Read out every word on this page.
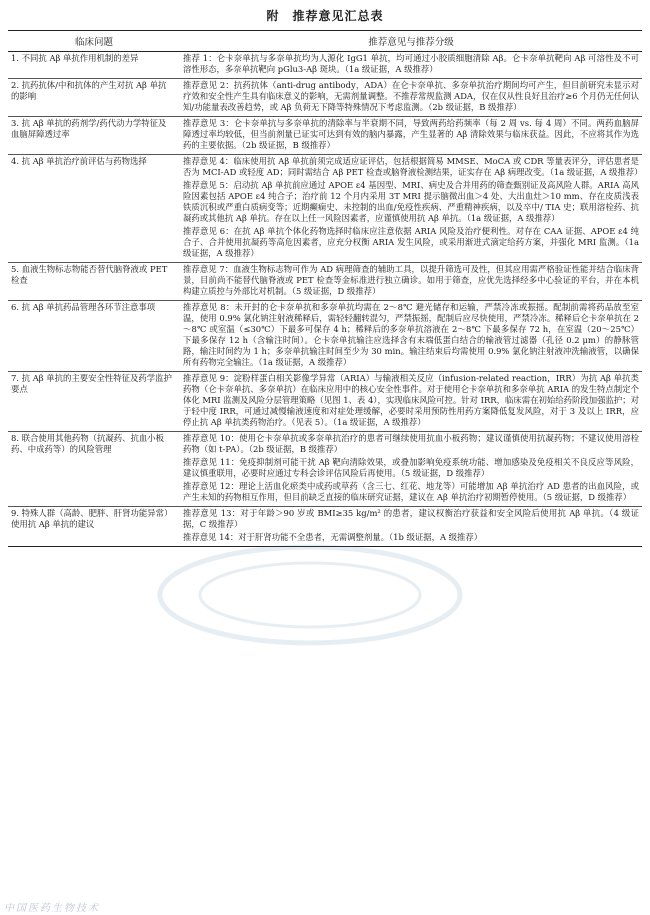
附　推荐意见汇总表
临床问题	推荐意见与推荐分级
1. 不同抗 Aβ 单抗作用机制的差异	推荐 1：仑卡奈单抗与多奈单抗均为人源化 IgG1 单抗，均可通过小胶质细胞清除 Aβ。仑卡奈单抗靶向 Aβ 可溶性及不可溶性形态，多奈单抗靶向 pGlu3-Aβ 斑块。（1a 级证据，A 级推荐）

2. 抗药抗体/中和抗体的产生对抗 Aβ 单抗的影响	推荐意见 2：抗药抗体（anti-drug antibody，ADA）在仑卡奈单抗、多奈单抗治疗期间均可产生，但目前研究未显示对疗效和安全性产生具有临床意义的影响，无需剂量调整。不推荐常规监测 ADA，仅在仅从性良好且治疗≥6 个月仍无任何认知/功能量表改善趋势，或 Aβ 负荷无下降等特殊情况下考虑监测。（2b 级证据，B 级推荐）

3. 抗 Aβ 单抗的药剂学/药代动力学特征及血脑屏障透过率	推荐意见 3：仑卡奈单抗与多奈单抗的清除率与半衰期不同，导致两药给药频率（每 2 周 vs. 每 4 周）不同。两药血脑屏障透过率均较低，但当前剂量已证实可达到有效的脑内暴露，产生显著的 Aβ 清除效果与临床获益。因此，不应将其作为选药的主要依据。（2b 级证据，B 级推荐）

4. 抗 Aβ 单抗治疗前评估与药物选择	推荐意见 4：临床使用抗 Aβ 单抗前须完成适应证评估，包括根据简易 MMSE、MoCA 或 CDR 等量表评分，评估患者是否为 MCI-AD 或轻度 AD；同时需结合 Aβ PET 检查或脑脊液检测结果，证实存在 Aβ 病理改变。（1a 级证据，A 级推荐）

推荐意见 5：启动抗 Aβ 单抗前应通过 APOE ε4 基因型、MRI、病史及合并用药的筛查甄别证及高风险人群。ARIA 高风险因素包括 APOE ε4 纯合子；治疗前 12 个月内采用 3T MRI 提示脑微出血＞4 处、大出血灶＞10 mm、存在皮质浅表铁质沉积或严重白质病变等；近期癫痫史、未控制的出血/免疫性疾病、严重精神疾病，以及卒中/ TIA 史；联用溶栓药、抗凝药或其他抗 Aβ 单抗。存在以上任一风险因素者，应谨慎使用抗 Aβ 单抗。（1a 级证据，A 级推荐）

推荐意见 6：在抗 Aβ 单抗个体化药物选择时临床应注意依据 ARIA 风险及治疗便利性。对存在 CAA 证据、APOE ε4 纯合子、合并使用抗凝药等高危因素者，应充分权衡 ARIA 发生风险，或采用渐进式滴定给药方案，并强化 MRI 监测。（1a 级证据，A 级推荐）

5. 血液生物标志物能否替代脑脊液或 PET 检查	推荐意见 7：血液生物标志物可作为 AD 病理筛查的辅助工具，以提升筛选可及性，但其应用需严格验证性能并结合临床背景，目前尚不能替代脑脊液或 PET 检查等金标准进行独立确诊。如用于筛查，应优先选择经多中心验证的平台，并在本机构建立质控与外部比对机制。（5 级证据，D 级推荐）

6. 抗 Aβ 单抗药品管理各环节注意事项	推荐意见 8：未开封的仑卡奈单抗和多奈单抗均需在 2～8℃ 避光储存和运输，严禁冷冻或振摇。配制前需将药品放至室温，使用 0.9% 氯化钠注射液稀释后，需轻轻翻转混匀，严禁振摇，配制后应尽快使用，严禁冷冻。稀释后仑卡奈单抗在 2～8℃ 或室温（≤30℃）下最多可保存 4 h；稀释后的多奈单抗溶液在 2～8℃ 下最多保存 72 h，在室温（20～25℃）下最多保存 12 h（含输注时间）。仑卡奈单抗输注应选择含有末端低蛋白结合的输液管过滤器（孔径 0.2 μm）的静脉管路，输注时间约为 1 h；多奈单抗输注时间至少为 30 min。输注结束后均需使用 0.9% 氯化钠注射液冲洗输液管，以确保所有药物完全输注。（1a 级证据，A 级推荐）

7. 抗 Aβ 单抗的主要安全性特征及药学监护要点	推荐意见 9：淀粉样蛋白相关影像学异常（ARIA）与输液相关反应（infusion-related reaction，IRR）为抗 Aβ 单抗类药物（仑卡奈单抗、多奈单抗）在临床应用中的核心安全性事件。对于使用仑卡奈单抗和多奈单抗 ARIA 的发生特点制定个体化 MRI 监测及风险分层管理策略（见图 1、表 4），实现临床风险可控。针对 IRR，临床需在初始给药阶段加强监护；对于轻中度 IRR，可通过减慢输液速度和对症处理缓解，必要时采用预防性用药方案降低复发风险，对于 3 及以上 IRR，应停止抗 Aβ 单抗类药物治疗。（见表 5）。（1a 级证据，A 级推荐）

8. 联合使用其他药物（抗凝药、抗血小板药、中成药等）的风险管理	推荐意见 10：使用仑卡奈单抗或多奈单抗治疗的患者可继续使用抗血小板药物；建议谨慎使用抗凝药物；不建议使用溶栓药物（如 t-PA）。（2b 级证据，B 级推荐）

推荐意见 11：免疫抑制剂可能干扰 Aβ 靶向清除效果，或叠加影响免疫系统功能、增加感染及免疫相关不良反应等风险，建议慎重联用，必要时应通过专科会诊评估风险后再使用。（5 级证据，D 级推荐）

推荐意见 12：理论上活血化瘀类中成药或草药（含三七、红花、地龙等）可能增加 Aβ 单抗治疗 AD 患者的出血风险，或产生未知的药物相互作用，但目前缺乏直接的临床研究证据，建议在 Aβ 单抗治疗初期暂停使用。（5 级证据，D 级推荐）

9. 特殊人群（高龄、肥胖、肝肾功能异常）使用抗 Aβ 单抗的建议	推荐意见 13：对于年龄＞90 岁或 BMI≥35 kg/m² 的患者，建议权衡治疗获益和安全风险后使用抗 Aβ 单抗。（4 级证据，C 级推荐）

推荐意见 14：对于肝肾功能不全患者，无需调整剂量。（1b 级证据，A 级推荐）

中国医药生物技术
